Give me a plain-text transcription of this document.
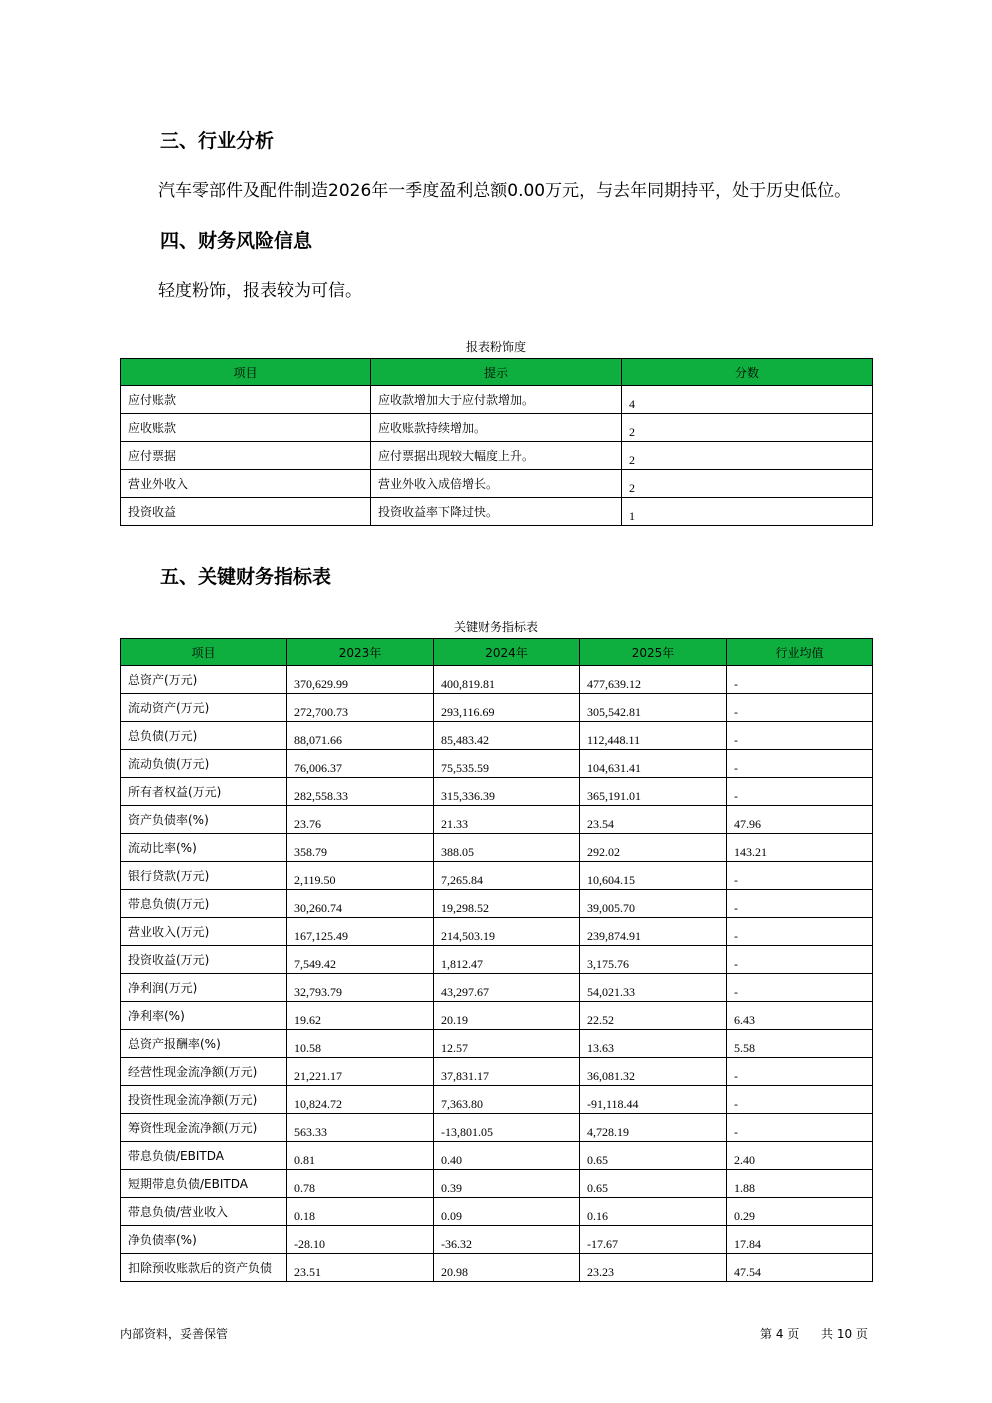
三、行业分析

汽车零部件及配件制造2026年一季度盈利总额0.00万元，与去年同期持平，处于历史低位。

四、财务风险信息

轻度粉饰，报表较为可信。

报表粉饰度
项目	提示	分数
应付账款	应收款增加大于应付款增加。	4
应收账款	应收账款持续增加。	2
应付票据	应付票据出现较大幅度上升。	2
营业外收入	营业外收入成倍增长。	2
投资收益	投资收益率下降过快。	1
五、关键财务指标表
关键财务指标表
项目	2023年	2024年	2025年	行业均值
总资产(万元)	370,629.99	400,819.81	477,639.12	-
流动资产(万元)	272,700.73	293,116.69	305,542.81	-
总负债(万元)	88,071.66	85,483.42	112,448.11	-
流动负债(万元)	76,006.37	75,535.59	104,631.41	-
所有者权益(万元)	282,558.33	315,336.39	365,191.01	-
资产负债率(%)	23.76	21.33	23.54	47.96
流动比率(%)	358.79	388.05	292.02	143.21
银行贷款(万元)	2,119.50	7,265.84	10,604.15	-
带息负债(万元)	30,260.74	19,298.52	39,005.70	-
营业收入(万元)	167,125.49	214,503.19	239,874.91	-
投资收益(万元)	7,549.42	1,812.47	3,175.76	-
净利润(万元)	32,793.79	43,297.67	54,021.33	-
净利率(%)	19.62	20.19	22.52	6.43
总资产报酬率(%)	10.58	12.57	13.63	5.58
经营性现金流净额(万元)	21,221.17	37,831.17	36,081.32	-
投资性现金流净额(万元)	10,824.72	7,363.80	-91,118.44	-
筹资性现金流净额(万元)	563.33	-13,801.05	4,728.19	-
带息负债/EBITDA	0.81	0.40	0.65	2.40
短期带息负债/EBITDA	0.78	0.39	0.65	1.88
带息负债/营业收入	0.18	0.09	0.16	0.29
净负债率(%)	-28.10	-36.32	-17.67	17.84
扣除预收账款后的资产负债	23.51	20.98	23.23	47.54
内部资料，妥善保管	第 4 页 共 10 页
